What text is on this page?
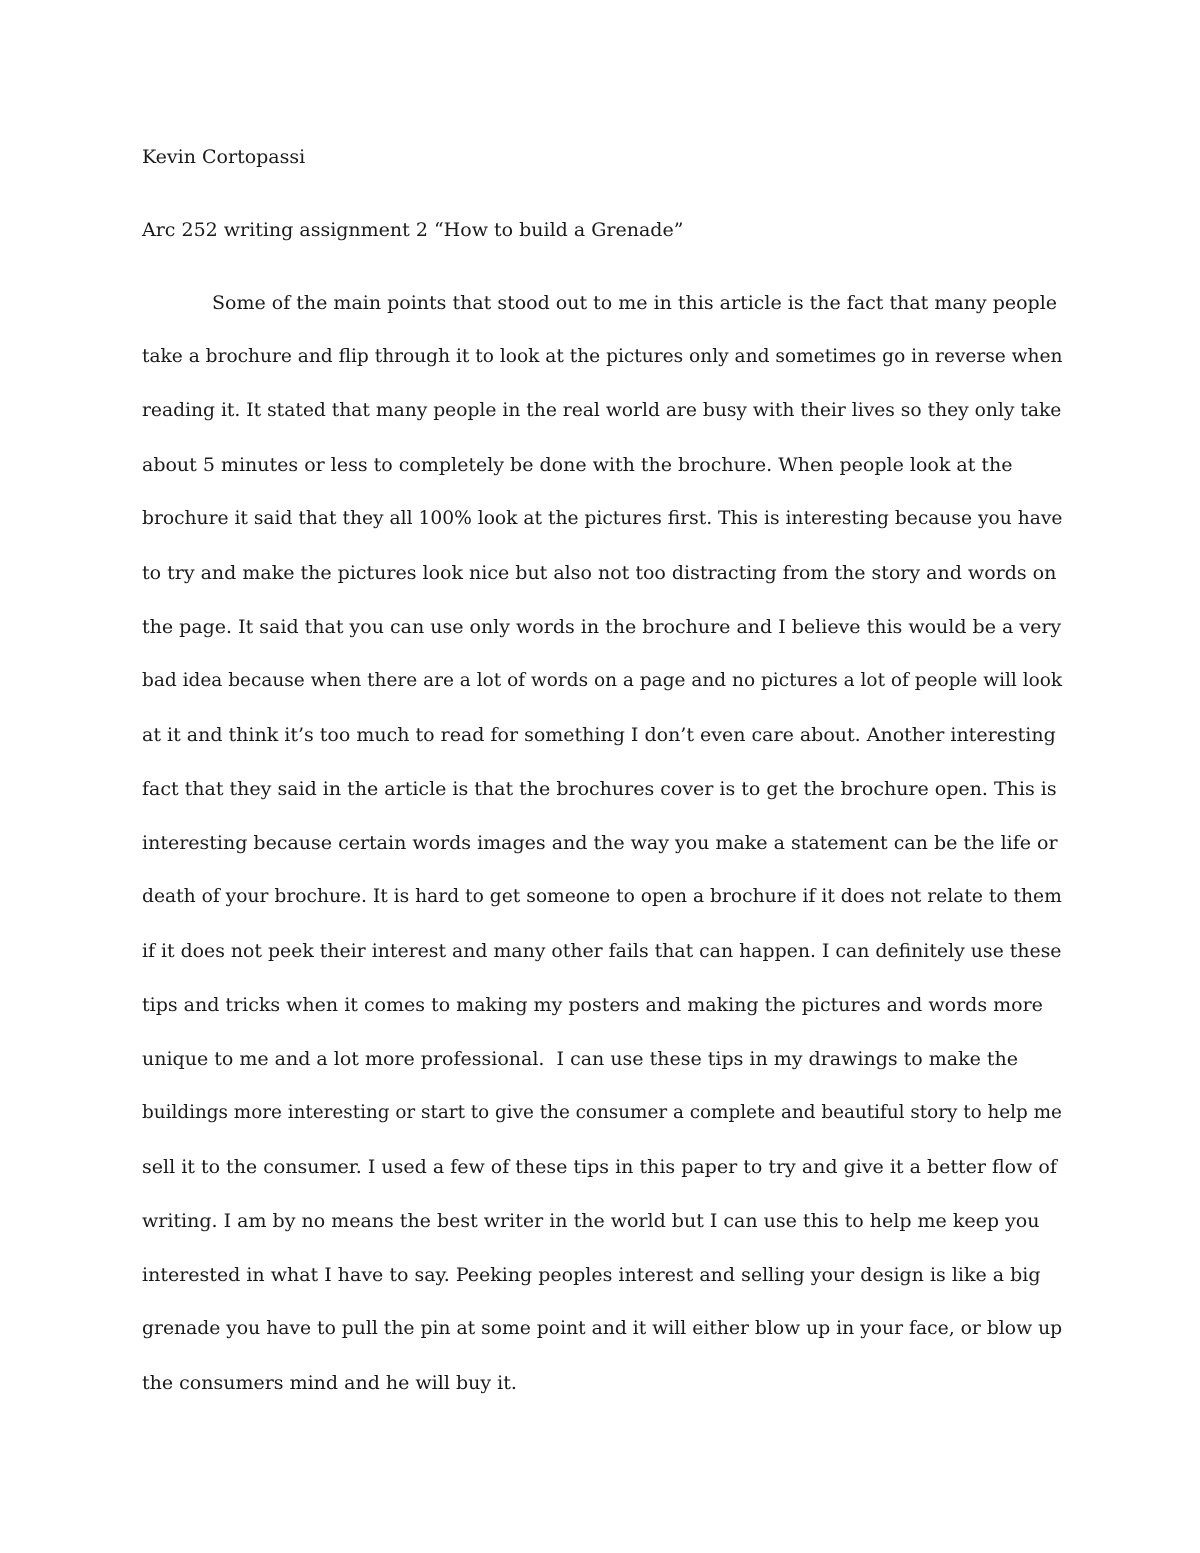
Kevin Cortopassi
Arc 252 writing assignment 2 “How to build a Grenade”
Some of the main points that stood out to me in this article is the fact that many people
take a brochure and flip through it to look at the pictures only and sometimes go in reverse when
reading it. It stated that many people in the real world are busy with their lives so they only take
about 5 minutes or less to completely be done with the brochure. When people look at the
brochure it said that they all 100% look at the pictures first. This is interesting because you have
to try and make the pictures look nice but also not too distracting from the story and words on
the page. It said that you can use only words in the brochure and I believe this would be a very
bad idea because when there are a lot of words on a page and no pictures a lot of people will look
at it and think it’s too much to read for something I don’t even care about. Another interesting
fact that they said in the article is that the brochures cover is to get the brochure open. This is
interesting because certain words images and the way you make a statement can be the life or
death of your brochure. It is hard to get someone to open a brochure if it does not relate to them
if it does not peek their interest and many other fails that can happen. I can definitely use these
tips and tricks when it comes to making my posters and making the pictures and words more
unique to me and a lot more professional.  I can use these tips in my drawings to make the
buildings more interesting or start to give the consumer a complete and beautiful story to help me
sell it to the consumer. I used a few of these tips in this paper to try and give it a better flow of
writing. I am by no means the best writer in the world but I can use this to help me keep you
interested in what I have to say. Peeking peoples interest and selling your design is like a big
grenade you have to pull the pin at some point and it will either blow up in your face, or blow up
the consumers mind and he will buy it.
